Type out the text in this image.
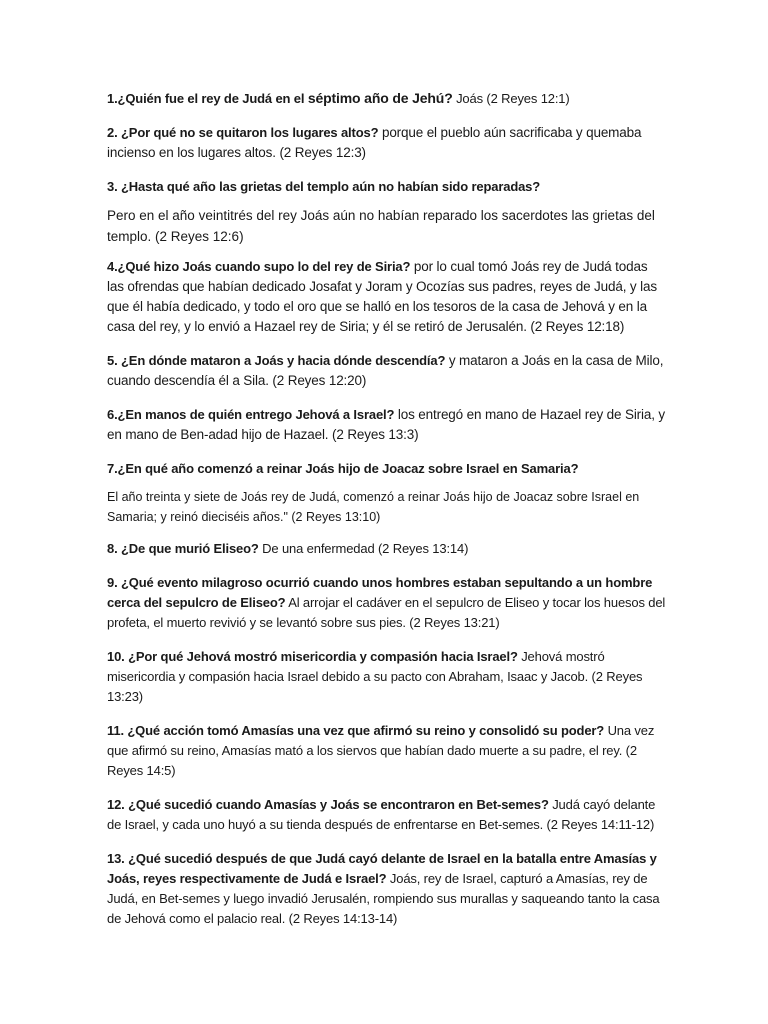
1.¿Quién fue el rey de Judá en el séptimo año de Jehú? Joás (2 Reyes 12:1)

2. ¿Por qué no se quitaron los lugares altos? porque el pueblo aún sacrificaba y quemaba incienso en los lugares altos. (2 Reyes 12:3)

3. ¿Hasta qué año las grietas del templo aún no habían sido reparadas?

Pero en el año veintitrés del rey Joás aún no habían reparado los sacerdotes las grietas del templo. (2 Reyes 12:6)

4.¿Qué hizo Joás cuando supo lo del rey de Siria? por lo cual tomó Joás rey de Judá todas las ofrendas que habían dedicado Josafat y Joram y Ocozías sus padres, reyes de Judá, y las que él había dedicado, y todo el oro que se halló en los tesoros de la casa de Jehová y en la casa del rey, y lo envió a Hazael rey de Siria; y él se retiró de Jerusalén. (2 Reyes 12:18)

5. ¿En dónde mataron a Joás y hacia dónde descendía? y mataron a Joás en la casa de Milo, cuando descendía él a Sila. (2 Reyes 12:20)

6.¿En manos de quién entrego Jehová a Israel? los entregó en mano de Hazael rey de Siria, y en mano de Ben-adad hijo de Hazael. (2 Reyes 13:3)

7.¿En qué año comenzó a reinar Joás hijo de Joacaz sobre Israel en Samaria?

El año treinta y siete de Joás rey de Judá, comenzó a reinar Joás hijo de Joacaz sobre Israel en Samaria; y reinó dieciséis años." (2 Reyes 13:10)

8. ¿De que murió Eliseo? De una enfermedad (2 Reyes 13:14)

9. ¿Qué evento milagroso ocurrió cuando unos hombres estaban sepultando a un hombre cerca del sepulcro de Eliseo? Al arrojar el cadáver en el sepulcro de Eliseo y tocar los huesos del profeta, el muerto revivió y se levantó sobre sus pies. (2 Reyes 13:21)

10. ¿Por qué Jehová mostró misericordia y compasión hacia Israel? Jehová mostró misericordia y compasión hacia Israel debido a su pacto con Abraham, Isaac y Jacob. (2 Reyes 13:23)

11. ¿Qué acción tomó Amasías una vez que afirmó su reino y consolidó su poder? Una vez que afirmó su reino, Amasías mató a los siervos que habían dado muerte a su padre, el rey. (2 Reyes 14:5)

12. ¿Qué sucedió cuando Amasías y Joás se encontraron en Bet-semes? Judá cayó delante de Israel, y cada uno huyó a su tienda después de enfrentarse en Bet-semes. (2 Reyes 14:11-12)

13. ¿Qué sucedió después de que Judá cayó delante de Israel en la batalla entre Amasías y Joás, reyes respectivamente de Judá e Israel? Joás, rey de Israel, capturó a Amasías, rey de Judá, en Bet-semes y luego invadió Jerusalén, rompiendo sus murallas y saqueando tanto la casa de Jehová como el palacio real. (2 Reyes 14:13-14)
